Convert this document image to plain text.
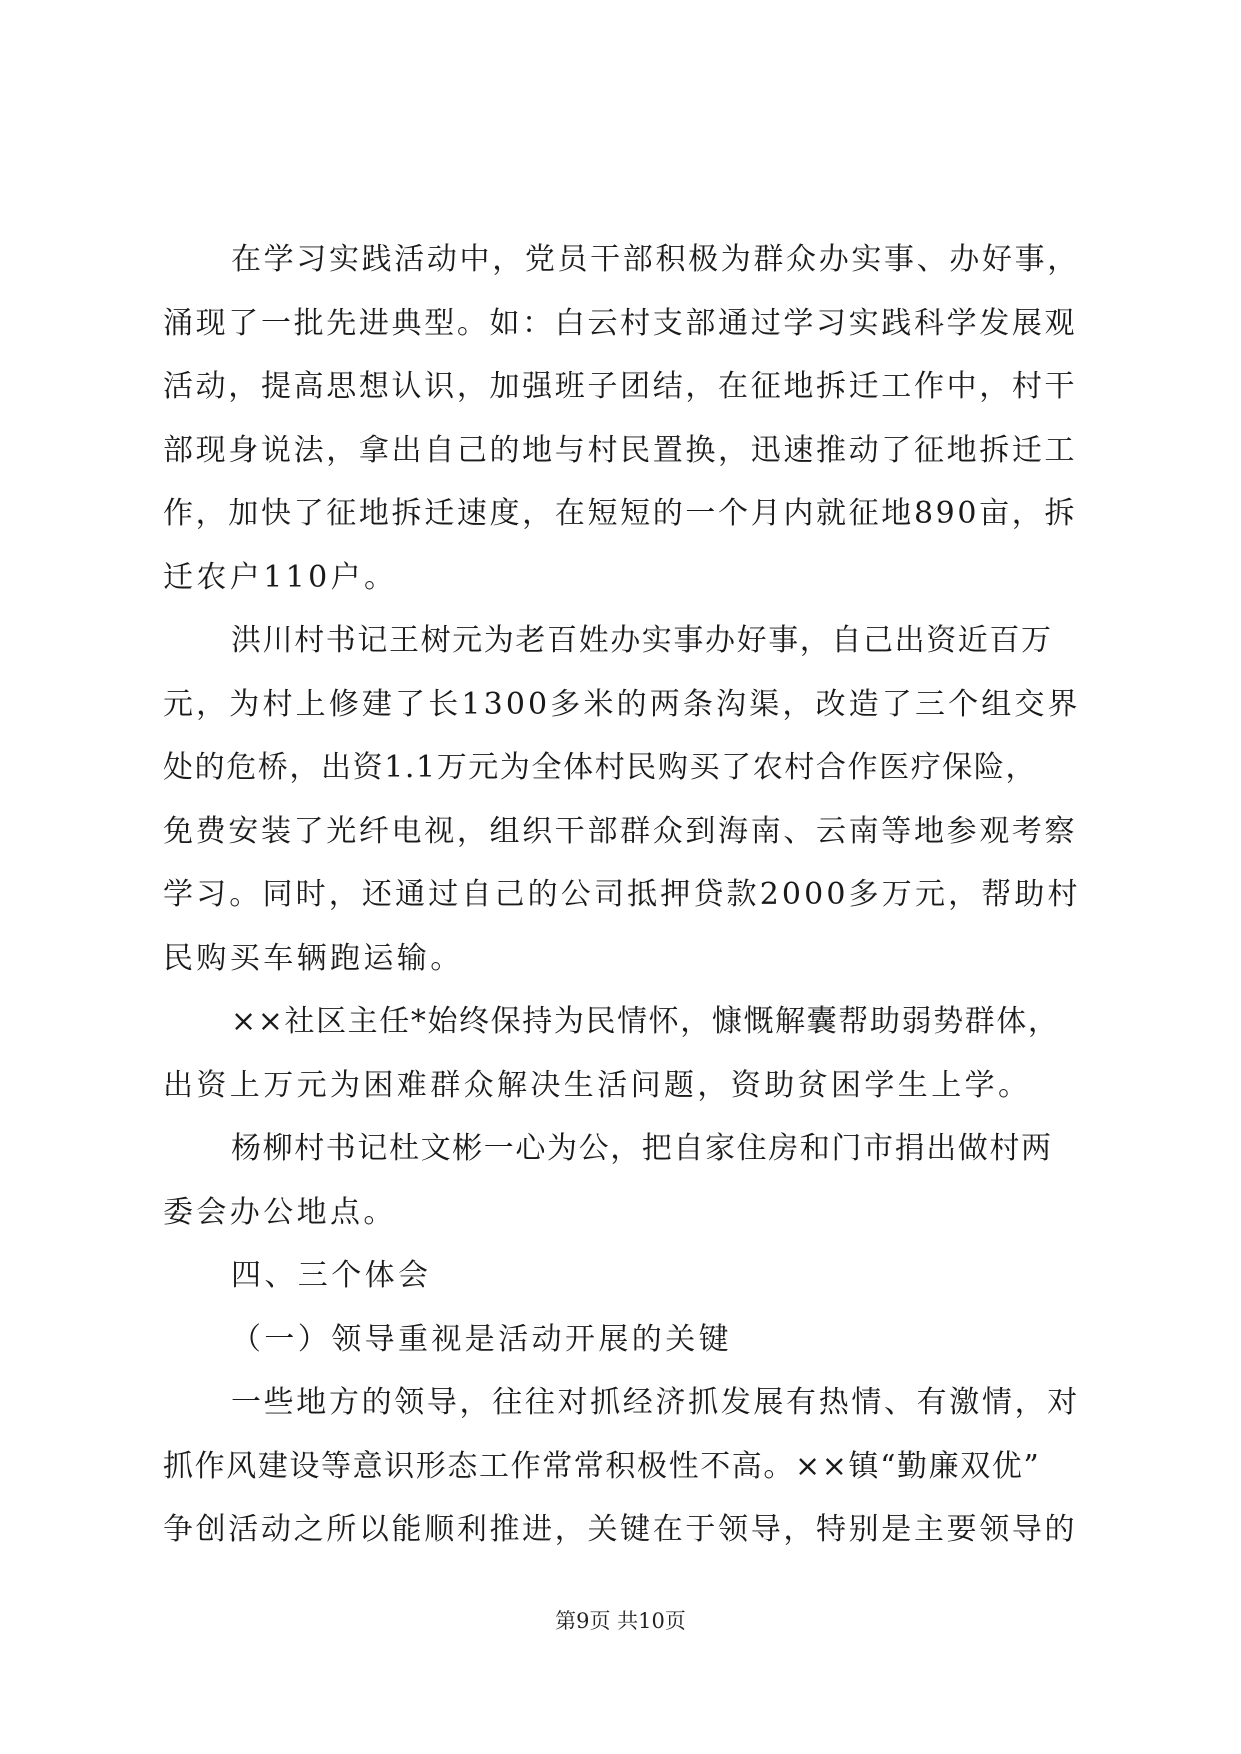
在学习实践活动中，党员干部积极为群众办实事、办好事，
涌现了一批先进典型。如：白云村支部通过学习实践科学发展观
活动，提高思想认识，加强班子团结，在征地拆迁工作中，村干
部现身说法，拿出自己的地与村民置换，迅速推动了征地拆迁工
作，加快了征地拆迁速度，在短短的一个月内就征地890亩，拆
迁农户110户。
洪川村书记王树元为老百姓办实事办好事，自己出资近百万
元，为村上修建了长1300多米的两条沟渠，改造了三个组交界
处的危桥，出资1.1万元为全体村民购买了农村合作医疗保险，
免费安装了光纤电视，组织干部群众到海南、云南等地参观考察
学习。同时，还通过自己的公司抵押贷款2000多万元，帮助村
民购买车辆跑运输。
××社区主任*始终保持为民情怀，慷慨解囊帮助弱势群体，
出资上万元为困难群众解决生活问题，资助贫困学生上学。
杨柳村书记杜文彬一心为公，把自家住房和门市捐出做村两
委会办公地点。
四、三个体会
（一）领导重视是活动开展的关键
一些地方的领导，往往对抓经济抓发展有热情、有激情，对
抓作风建设等意识形态工作常常积极性不高。××镇“勤廉双优”
争创活动之所以能顺利推进，关键在于领导，特别是主要领导的
第9页 共10页
